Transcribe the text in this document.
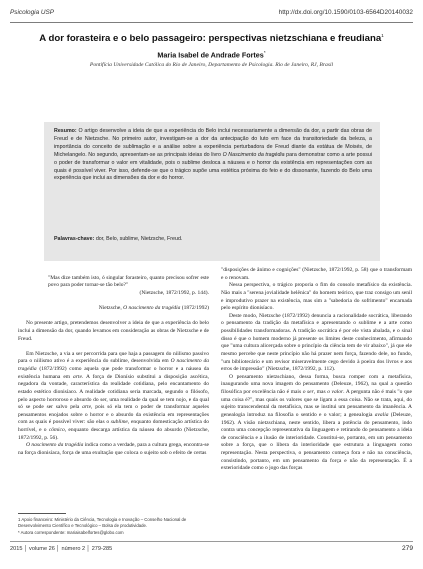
Psicologia USP	http://dx.doi.org/10.1590/0103-6564D20140032
A dor forasteira e o belo passageiro: perspectivas nietzschiana e freudiana$^1$
Maria Isabel de Andrade Fortes*
Pontifícia Universidade Católica do Rio de Janeiro, Departamento de Psicologia. Rio de Janeiro, RJ, Brasil
Resumo: O artigo desenvolve a ideia de que a experiência do Belo inclui necessariamente a dimensão da dor, a partir das obras de Freud e de Nietzsche. No primeiro autor, investigam-se a dor da antecipação do luto em face da transitoriedade da beleza, a importância do conceito de sublimação e a análise sobre a experiência perturbadora de Freud diante da estátua de Moisés, de Michelangelo. No segundo, apresentam-se as principais ideias do livro O Nascimento da tragédia para demonstrar como a arte possui o poder de transformar o valor em vitalidade, pois o sublime desloca a náusea e o horror da existência em representações com as quais é possível viver. Por isso, defende-se que o trágico supõe uma estética próxima do feio e do dissonante, fazendo do Belo uma experiência que inclui as dimensões da dor e do horror.
Palavras-chave: dor, Belo, sublime, Nietzsche, Freud.

"Mas dize também isto, ó singular forasteiro, quanto precisou sofrer este povo para poder tornar-se tão belo?"

(Nietzsche, 1872/1992, p. 144).

Nietzsche, O nascimento da tragédia (1872/1992)

No presente artigo, pretendemos desenvolver a ideia de que a experiência do belo inclui a dimensão da dor, quando levamos em consideração as obras de Nietzsche e de Freud.

Em Nietzsche, a via a ser percorrida para que haja a passagem do niilismo passivo para o niilismo ativo é a experiência do sublime, desenvolvida em O nascimento da tragédia (1872/1992) como aquela que pode transformar o horror e a náusea da existência humana em arte. A força de Dionísio substitui a disposição ascética, negadora da vontade, característica da realidade cotidiana, pelo encantamento do estado estético dionisíaco. A realidade cotidiana seria marcada, segundo o filósofo, pelo aspecto horroroso e absurdo do ser, uma realidade da qual se tem nojo, e da qual só se pode ser salvo pela arte, pois só ela tem o poder de transformar aqueles pensamentos enojados sobre o horror e o absurdo da existência em representações com as quais é possível viver: são elas o sublime, enquanto domesticação artística do horrível, e o cômico, enquanto descarga artística da náusea do absurdo (Nietzsche, 1872/1992, p. 56).

O nascimento da tragédia indica como a verdade, para a cultura grega, encontra-se na força dionisíaca, força de uma exultação que coloca o sujeito sob o efeito de certas

"disposições de ânimo e cognições" (Nietzsche, 1872/1992, p. 58) que o transformam e o renovam.

Nessa perspectiva, o trágico proporia o fim do consolo metafísico da existência. Não mais a "serena jovialidade helênica" do homem teórico, que traz consigo um senil e improdutivo prazer na existência, mas sim a "sabedoria do sofrimento" encarnada pelo espírito dionisíaco.

Deste modo, Nietzsche (1872/1992) denuncia a racionalidade socrática, liberando o pensamento da tradição da metafísica e apresentando o sublime e a arte como possibilidades transformadoras. A tradição socrática é por ele vista abalada, e o sinal disso é que o homem moderno já presente os limites deste conhecimento, afirmando que "uma cultura alicerçada sobre o princípio da ciência tem de vir abaixo", já que ele mesmo percebe que neste princípio não há prazer nem força, fazendo dele, no fundo, "um bibliotecário e um revisor miseravelmente cego devido à poeira dos livros e aos erros de impressão" (Nietzsche, 1872/1992, p. 112).

O pensamento nietzschiano, dessa forma, busca romper com a metafísica, inaugurando uma nova imagem do pensamento (Deleuze, 1962), na qual a questão filosófica por excelência não é mais o ser, mas o valor. A pergunta não é mais "o que uma coisa é?", mas quais os valores que se ligam a essa coisa. Não se trata, aqui, do sujeito transcendental da metafísica, mas se institui um pensamento da imanência. A genealogia introduz na filosofia o sentido e o valor; a genealogia avalia (Deleuze, 1962). A visão nietzschiana, neste sentido, libera a potência do pensamento, indo contra uma concepção representativa da linguagem e retirando do pensamento a ideia de consciência e a ilusão de interioridade. Constitui-se, portanto, em um pensamento sobre a força, que o libera da interioridade que estrutura a linguagem como representação. Nesta perspectiva, o pensamento começa fora e não na consciência, consistindo, portanto, em um pensamento da força e não da representação. É a exterioridade como o jogo das forças

1 Apoio financeiro: Ministério da Ciência, Tecnologia e Inovação – Conselho Nacional de Desenvolvimento Científico e Tecnológico – Bolsa de produtividade.

* Autora correspondente: mariaisabelfortes@globo.com

2015 │ volume 26 │ número 2 │ 279-285	279
